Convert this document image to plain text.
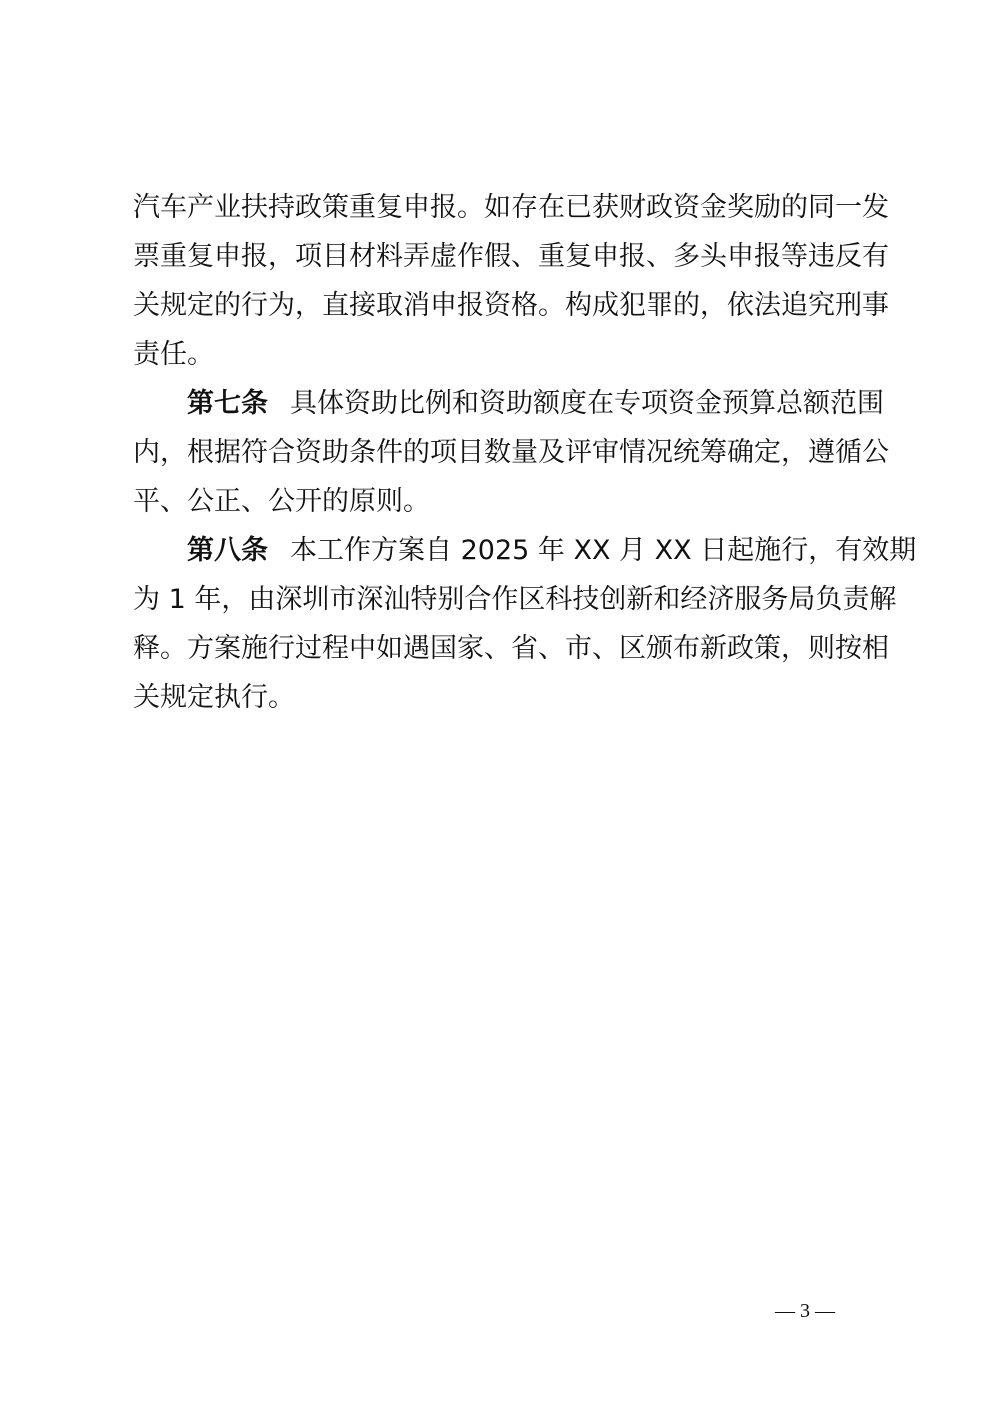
汽车产业扶持政策重复申报。如存在已获财政资金奖励的同一发
票重复申报，项目材料弄虚作假、重复申报、多头申报等违反有
关规定的行为，直接取消申报资格。构成犯罪的，依法追究刑事
责任。
第七条 具体资助比例和资助额度在专项资金预算总额范围
内，根据符合资助条件的项目数量及评审情况统筹确定，遵循公
平、公正、公开的原则。
第八条 本工作方案自 2025 年 XX 月 XX 日起施行，有效期
为 1 年，由深圳市深汕特别合作区科技创新和经济服务局负责解
释。方案施行过程中如遇国家、省、市、区颁布新政策，则按相
关规定执行。
— 3 —
